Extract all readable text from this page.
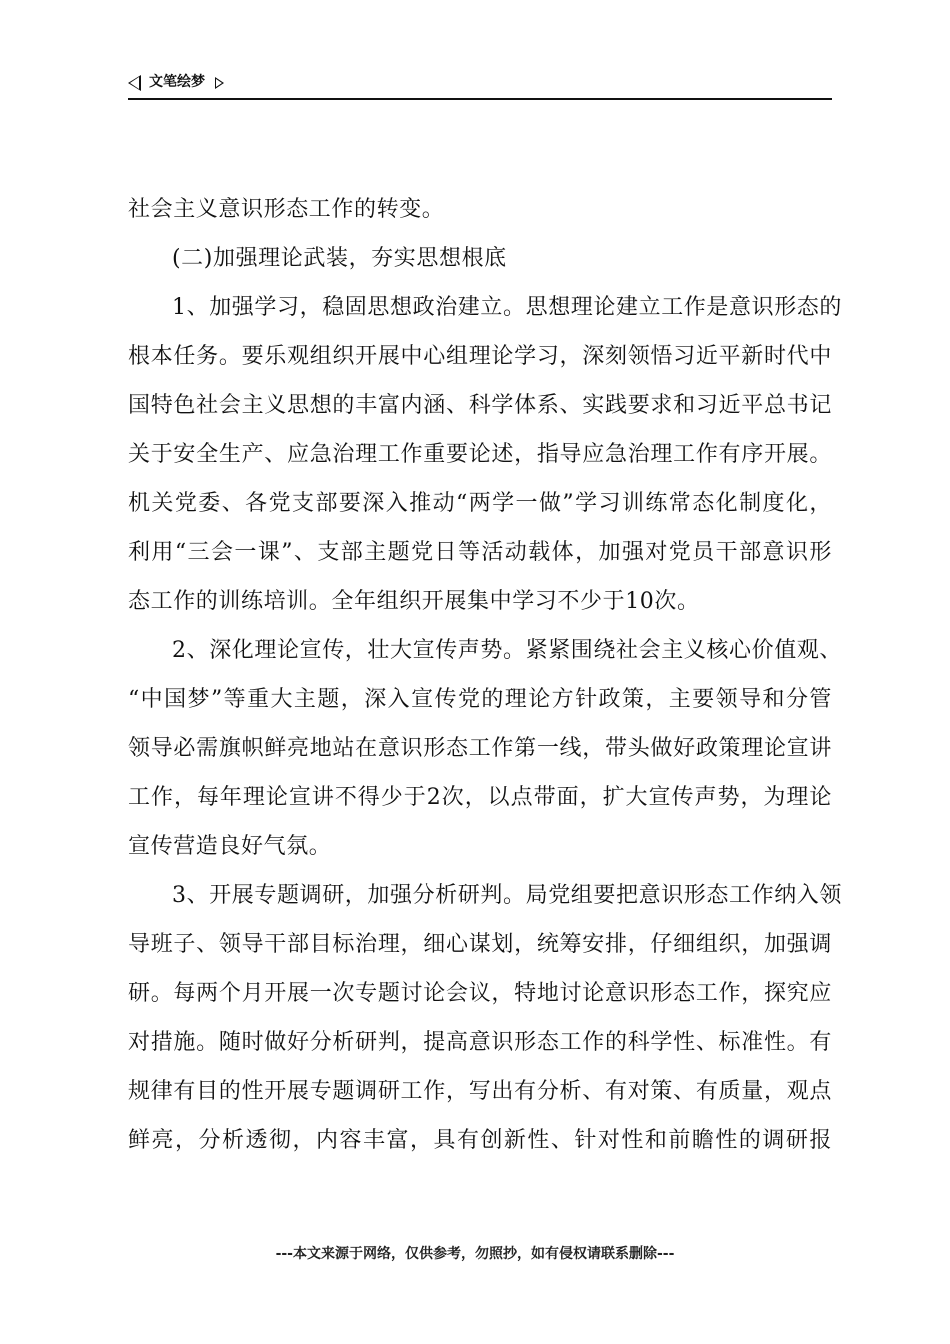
文笔绘梦
社会主义意识形态工作的转变。
(二)加强理论武装，夯实思想根底
1、加强学习，稳固思想政治建立。思想理论建立工作是意识形态的
根本任务。要乐观组织开展中心组理论学习，深刻领悟习近平新时代中
国特色社会主义思想的丰富内涵、科学体系、实践要求和习近平总书记
关于安全生产、应急治理工作重要论述，指导应急治理工作有序开展。
机关党委、各党支部要深入推动“两学一做”学习训练常态化制度化，
利用“三会一课”、支部主题党日等活动载体，加强对党员干部意识形
态工作的训练培训。全年组织开展集中学习不少于10次。
2、深化理论宣传，壮大宣传声势。紧紧围绕社会主义核心价值观、
“中国梦”等重大主题，深入宣传党的理论方针政策，主要领导和分管
领导必需旗帜鲜亮地站在意识形态工作第一线，带头做好政策理论宣讲
工作，每年理论宣讲不得少于2次，以点带面，扩大宣传声势，为理论
宣传营造良好气氛。
3、开展专题调研，加强分析研判。局党组要把意识形态工作纳入领
导班子、领导干部目标治理，细心谋划，统筹安排，仔细组织，加强调
研。每两个月开展一次专题讨论会议，特地讨论意识形态工作，探究应
对措施。随时做好分析研判，提高意识形态工作的科学性、标准性。有
规律有目的性开展专题调研工作，写出有分析、有对策、有质量，观点
鲜亮，分析透彻，内容丰富，具有创新性、针对性和前瞻性的调研报
---本文来源于网络，仅供参考，勿照抄，如有侵权请联系删除---
